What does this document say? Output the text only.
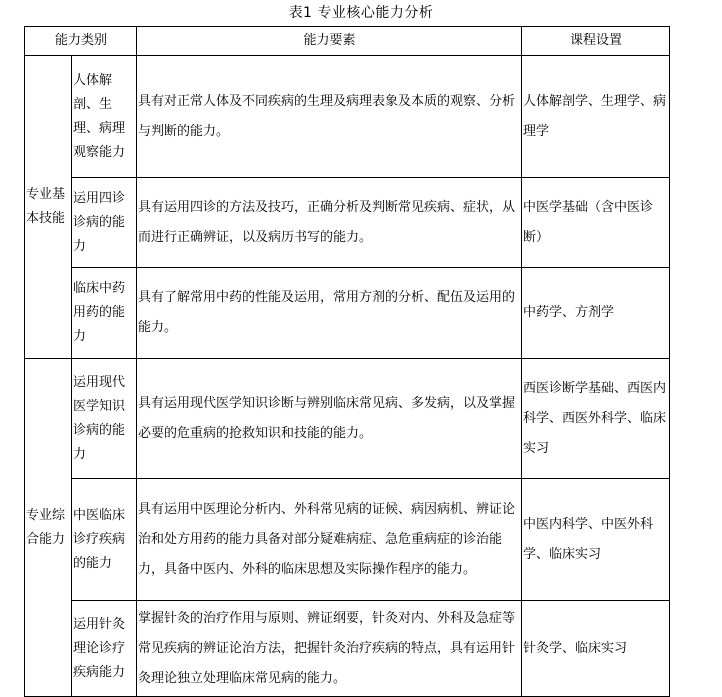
表1 专业核心能力分析
能力类别		能力要素	课程设置
专业基本技能	人体解剖、生理、病理观察能力	具有对正常人体及不同疾病的生理及病理表象及本质的观察、分析与判断的能力。	人体解剖学、生理学、病理学
	运用四诊诊病的能力	具有运用四诊的方法及技巧，正确分析及判断常见疾病、症状，从而进行正确辨证，以及病历书写的能力。	中医学基础（含中医诊断）
	临床中药用药的能力	具有了解常用中药的性能及运用，常用方剂的分析、配伍及运用的能力。	中药学、方剂学
专业综合能力	运用现代医学知识诊病的能力	具有运用现代医学知识诊断与辨别临床常见病、多发病，以及掌握必要的危重病的抢救知识和技能的能力。	西医诊断学基础、西医内科学、西医外科学、临床实习
	中医临床诊疗疾病的能力	具有运用中医理论分析内、外科常见病的证候、病因病机、辨证论治和处方用药的能力具备对部分疑难病症、急危重病症的诊治能力，具备中医内、外科的临床思想及实际操作程序的能力。	中医内科学、中医外科学、临床实习
	运用针灸理论诊疗疾病能力	掌握针灸的治疗作用与原则、辨证纲要，针灸对内、外科及急症等常见疾病的辨证论治方法，把握针灸治疗疾病的特点，具有运用针灸理论独立处理临床常见病的能力。	针灸学、临床实习
